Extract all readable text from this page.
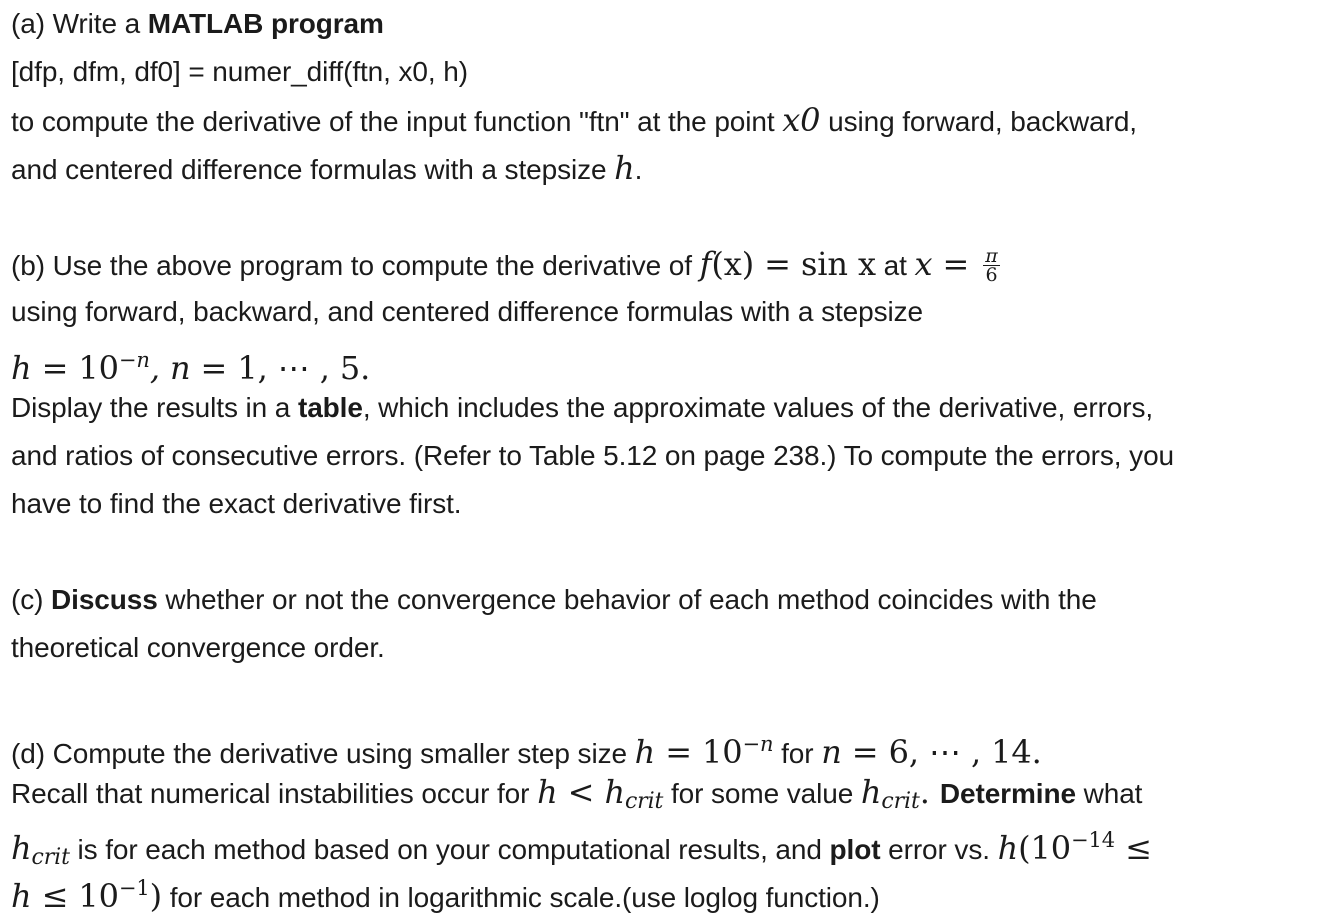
(a) Write a MATLAB program
[dfp, dfm, df0] = numer_diff(ftn, x0, h)
to compute the derivative of the input function "ftn" at the point x0 using forward, backward,
and centered difference formulas with a stepsize h.
(b) Use the above program to compute the derivative of f(x) = sin x at $x = \frac{\pi}{6}$
using forward, backward, and centered difference formulas with a stepsize
$h = 10^{-n}$, n = 1, ⋯ , 5.
Display the results in a table, which includes the approximate values of the derivative, errors,
and ratios of consecutive errors. (Refer to Table 5.12 on page 238.) To compute the errors, you
have to find the exact derivative first.
(c) Discuss whether or not the convergence behavior of each method coincides with the
theoretical convergence order.
(d) Compute the derivative using smaller step size $h = 10^{-n}$ for n = 6, ⋯ , 14.
Recall that numerical instabilities occur for $h < h_{crit}$ for some value $h_{crit}$. Determine what
$h_{crit}$ is for each method based on your computational results, and plot error vs. $h(10^{-14}$ ≤
$h \le 10^{-1}$) for each method in logarithmic scale.(use loglog function.)
